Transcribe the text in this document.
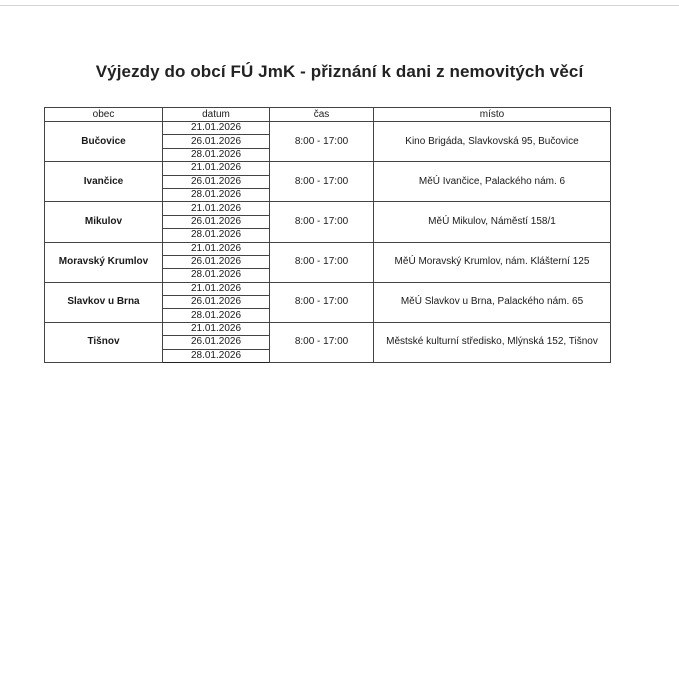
Výjezdy do obcí FÚ JmK - přiznání k dani z nemovitých věcí
obec	datum	čas	místo
Bučovice	21.01.2026	8:00 - 17:00	Kino Brigáda, Slavkovská 95, Bučovice
	26.01.2026		
	28.01.2026		
Ivančice	21.01.2026	8:00 - 17:00	MěÚ Ivančice, Palackého nám. 6
	26.01.2026		
	28.01.2026		
Mikulov	21.01.2026	8:00 - 17:00	MěÚ Mikulov, Náměstí 158/1
	26.01.2026		
	28.01.2026		
Moravský Krumlov	21.01.2026	8:00 - 17:00	MěÚ Moravský Krumlov, nám. Klášterní 125
	26.01.2026		
	28.01.2026		
Slavkov u Brna	21.01.2026	8:00 - 17:00	MěÚ Slavkov u Brna, Palackého nám. 65
	26.01.2026		
	28.01.2026		
Tišnov	21.01.2026	8:00 - 17:00	Městské kulturní středisko, Mlýnská 152, Tišnov
	26.01.2026		
	28.01.2026		
